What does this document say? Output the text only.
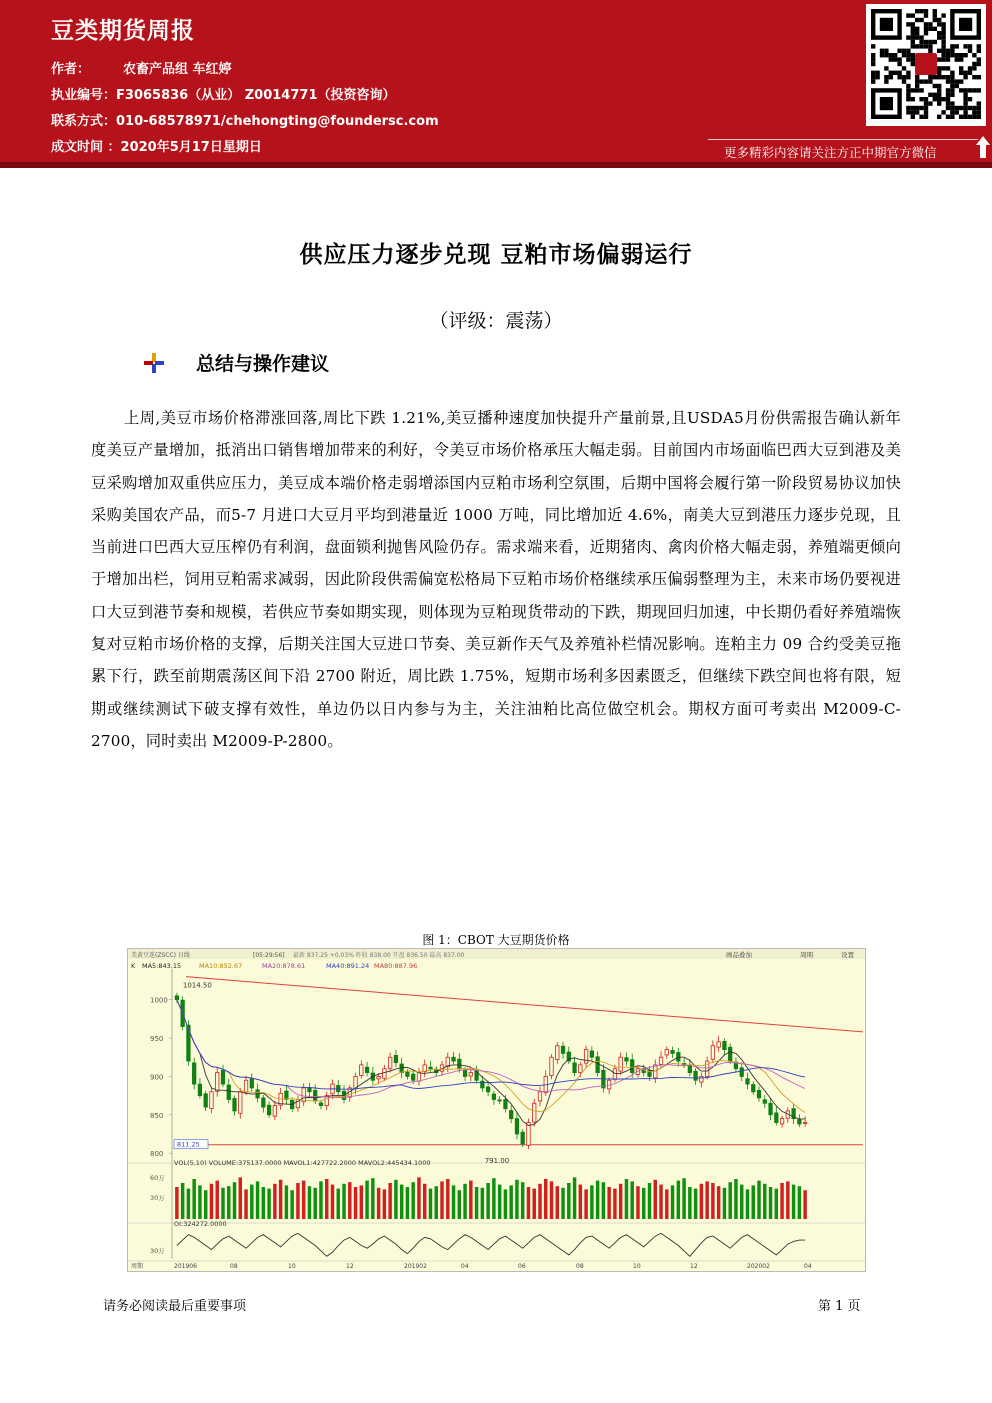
豆类期货周报
作者：	农畜产品组 车红婷
执业编号：F3065836（从业） Z0014771（投资咨询）
联系方式：010-68578971/chehongting@foundersc.com
成文时间 ：2020年5月17日星期日	更多精彩内容请关注方正中期官方微信
供应压力逐步兑现 豆粕市场偏弱运行
（评级：震荡）
总结与操作建议
上周,美豆市场价格滞涨回落,周比下跌 1.21%,美豆播种速度加快提升产量前景,且USDA5月份供需报告确认新年度美豆产量增加，抵消出口销售增加带来的利好，令美豆市场价格承压大幅走弱。目前国内市场面临巴西大豆到港及美豆采购增加双重供应压力，美豆成本端价格走弱增添国内豆粕市场利空氛围，后期中国将会履行第一阶段贸易协议加快采购美国农产品，而5-7 月进口大豆月平均到港量近 1000 万吨，同比增加近 4.6%，南美大豆到港压力逐步兑现，且当前进口巴西大豆压榨仍有利润，盘面锁利抛售风险仍存。需求端来看，近期猪肉、禽肉价格大幅走弱，养殖端更倾向于增加出栏，饲用豆粕需求减弱，因此阶段供需偏宽松格局下豆粕市场价格继续承压偏弱整理为主，未来市场仍要视进口大豆到港节奏和规模，若供应节奏如期实现，则体现为豆粕现货带动的下跌，期现回归加速，中长期仍看好养殖端恢复对豆粕市场价格的支撑，后期关注国大豆进口节奏、美豆新作天气及养殖补栏情况影响。连粕主力 09 合约受美豆拖累下行，跌至前期震荡区间下沿 2700 附近，周比跌 1.75%，短期市场利多因素匮乏，但继续下跌空间也将有限，短期或继续测试下破支撑有效性，单边仍以日内参与为主，关注油粕比高位做空机会。期权方面可考卖出 M2009-C-2700，同时卖出 M2009-P-2800。
图 1：CBOT 大豆期货价格
美黄豆连(ZSCC) 日线	[05:29:56] 最新 837.25 +0.03% 昨收 838.00 开盘 836.50 最高 837.00	画品叠加	周期	设置
K MA5:843.15	MA10:852.67	MA20:878.61	MA40:891.24 MA80:887.96
1000
950
900
850
800
811.25
1014.50
791.00
VOL(5,10) VOLUME:375137.0000 MAVOL1:427722.2000 MAVOL2:445434.1000
60万
30万
OI:324272.0000
30万
周期	201906	08	10	12	201902	04	06	08	10	12	202002	04
请务必阅读最后重要事项	第 1 页
